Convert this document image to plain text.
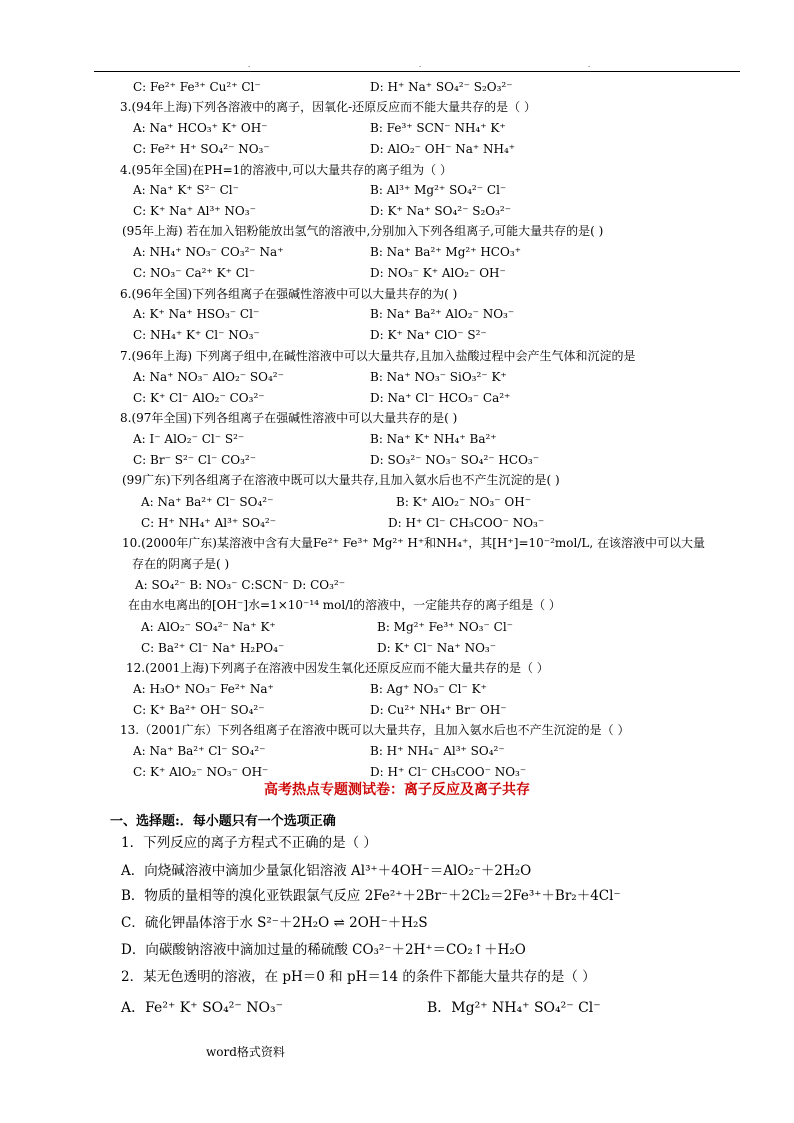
.	.	.
C: Fe²⁺ Fe³⁺ Cu²⁺ Cl⁻	D: H⁺ Na⁺ SO₄²⁻ S₂O₃²⁻
3.(94年上海)下列各溶液中的离子，因氧化-还原反应而不能大量共存的是（ ）
A: Na⁺ HCO₃⁺ K⁺ OH⁻	B: Fe³⁺ SCN⁻ NH₄⁺ K⁺
C: Fe²⁺ H⁺ SO₄²⁻ NO₃⁻	D: AlO₂⁻ OH⁻ Na⁺ NH₄⁺
4.(95年全国)在PH=1的溶液中,可以大量共存的离子组为（ ）
A: Na⁺ K⁺ S²⁻ Cl⁻	B: Al³⁺ Mg²⁺ SO₄²⁻ Cl⁻
C: K⁺ Na⁺ Al³⁺ NO₃⁻	D: K⁺ Na⁺ SO₄²⁻ S₂O₃²⁻
(95年上海) 若在加入铝粉能放出氢气的溶液中,分别加入下列各组离子,可能大量共存的是( )
A: NH₄⁺ NO₃⁻ CO₃²⁻ Na⁺	B: Na⁺ Ba²⁺ Mg²⁺ HCO₃⁺
C: NO₃⁻ Ca²⁺ K⁺ Cl⁻	D: NO₃⁻ K⁺ AlO₂⁻ OH⁻
6.(96年全国)下列各组离子在强碱性溶液中可以大量共存的为( )
A: K⁺ Na⁺ HSO₃⁻ Cl⁻	B: Na⁺ Ba²⁺ AlO₂⁻ NO₃⁻
C: NH₄⁺ K⁺ Cl⁻ NO₃⁻	D: K⁺ Na⁺ ClO⁻ S²⁻
7.(96年上海) 下列离子组中,在碱性溶液中可以大量共存,且加入盐酸过程中会产生气体和沉淀的是
A: Na⁺ NO₃⁻ AlO₂⁻ SO₄²⁻	B: Na⁺ NO₃⁻ SiO₃²⁻ K⁺
C: K⁺ Cl⁻ AlO₂⁻ CO₃²⁻	D: Na⁺ Cl⁻ HCO₃⁻ Ca²⁺
8.(97年全国)下列各组离子在强碱性溶液中可以大量共存的是( )
A: I⁻ AlO₂⁻ Cl⁻ S²⁻	B: Na⁺ K⁺ NH₄⁺ Ba²⁺
C: Br⁻ S²⁻ Cl⁻ CO₃²⁻	D: SO₃²⁻ NO₃⁻ SO₄²⁻ HCO₃⁻
(99广东)下列各组离子在溶液中既可以大量共存,且加入氨水后也不产生沉淀的是( )
A: Na⁺ Ba²⁺ Cl⁻ SO₄²⁻	B: K⁺ AlO₂⁻ NO₃⁻ OH⁻
C: H⁺ NH₄⁺ Al³⁺ SO₄²⁻	D: H⁺ Cl⁻ CH₃COO⁻ NO₃⁻
10.(2000年广东)某溶液中含有大量Fe²⁺ Fe³⁺ Mg²⁺ H⁺和NH₄⁺，其[H⁺]=10⁻²mol/L, 在该溶液中可以大量
存在的阴离子是( )
A: SO₄²⁻ B: NO₃⁻ C:SCN⁻ D: CO₃²⁻
在由水电离出的[OH⁻]水=1×10⁻¹⁴ mol/l的溶液中，一定能共存的离子组是（ ）
A: AlO₂⁻ SO₄²⁻ Na⁺ K⁺	B: Mg²⁺ Fe³⁺ NO₃⁻ Cl⁻
C: Ba²⁺ Cl⁻ Na⁺ H₂PO₄⁻	D: K⁺ Cl⁻ Na⁺ NO₃⁻
12.(2001上海)下列离子在溶液中因发生氧化还原反应而不能大量共存的是（ ）
A: H₃O⁺ NO₃⁻ Fe²⁺ Na⁺	B: Ag⁺ NO₃⁻ Cl⁻ K⁺
C: K⁺ Ba²⁺ OH⁻ SO₄²⁻	D: Cu²⁺ NH₄⁺ Br⁻ OH⁻
13.（2001广东）下列各组离子在溶液中既可以大量共存，且加入氨水后也不产生沉淀的是（ ）
A: Na⁺ Ba²⁺ Cl⁻ SO₄²⁻	B: H⁺ NH₄⁻ Al³⁺ SO₄²⁻
C: K⁺ AlO₂⁻ NO₃⁻ OH⁻	D: H⁺ Cl⁻ CH₃COO⁻ NO₃⁻
高考热点专题测试卷：离子反应及离子共存
一、选择题:．每小题只有一个选项正确
1．下列反应的离子方程式不正确的是（ ）
A．向烧碱溶液中滴加少量氯化铝溶液 Al³⁺＋4OH⁻＝AlO₂⁻＋2H₂O
B．物质的量相等的溴化亚铁跟氯气反应 2Fe²⁺＋2Br⁻＋2Cl₂＝2Fe³⁺＋Br₂＋4Cl⁻
C．硫化钾晶体溶于水 S²⁻＋2H₂O ⇌ 2OH⁻＋H₂S
D．向碳酸钠溶液中滴加过量的稀硫酸 CO₃²⁻＋2H⁺＝CO₂↑＋H₂O
2．某无色透明的溶液，在 pH＝0 和 pH＝14 的条件下都能大量共存的是（ ）
A．Fe²⁺ K⁺ SO₄²⁻ NO₃⁻	B．Mg²⁺ NH₄⁺ SO₄²⁻ Cl⁻
word格式资料
